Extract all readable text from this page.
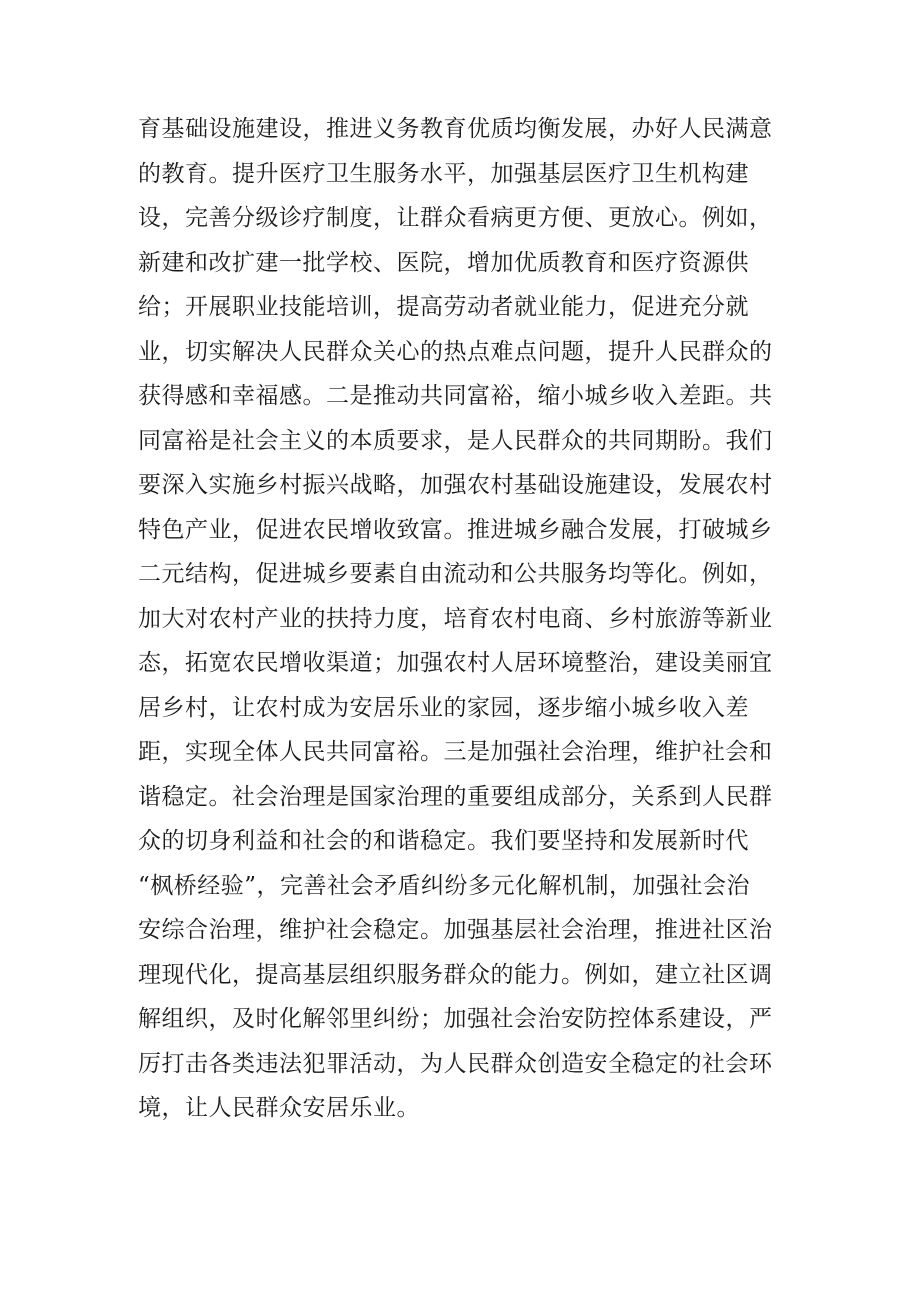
育基础设施建设，推进义务教育优质均衡发展，办好人民满意
的教育。提升医疗卫生服务水平，加强基层医疗卫生机构建
设，完善分级诊疗制度，让群众看病更方便、更放心。例如，
新建和改扩建一批学校、医院，增加优质教育和医疗资源供
给；开展职业技能培训，提高劳动者就业能力，促进充分就
业，切实解决人民群众关心的热点难点问题，提升人民群众的
获得感和幸福感。二是推动共同富裕，缩小城乡收入差距。共
同富裕是社会主义的本质要求，是人民群众的共同期盼。我们
要深入实施乡村振兴战略，加强农村基础设施建设，发展农村
特色产业，促进农民增收致富。推进城乡融合发展，打破城乡
二元结构，促进城乡要素自由流动和公共服务均等化。例如，
加大对农村产业的扶持力度，培育农村电商、乡村旅游等新业
态，拓宽农民增收渠道；加强农村人居环境整治，建设美丽宜
居乡村，让农村成为安居乐业的家园，逐步缩小城乡收入差
距，实现全体人民共同富裕。三是加强社会治理，维护社会和
谐稳定。社会治理是国家治理的重要组成部分，关系到人民群
众的切身利益和社会的和谐稳定。我们要坚持和发展新时代
“枫桥经验”，完善社会矛盾纠纷多元化解机制，加强社会治
安综合治理，维护社会稳定。加强基层社会治理，推进社区治
理现代化，提高基层组织服务群众的能力。例如，建立社区调
解组织，及时化解邻里纠纷；加强社会治安防控体系建设，严
厉打击各类违法犯罪活动，为人民群众创造安全稳定的社会环
境，让人民群众安居乐业。
